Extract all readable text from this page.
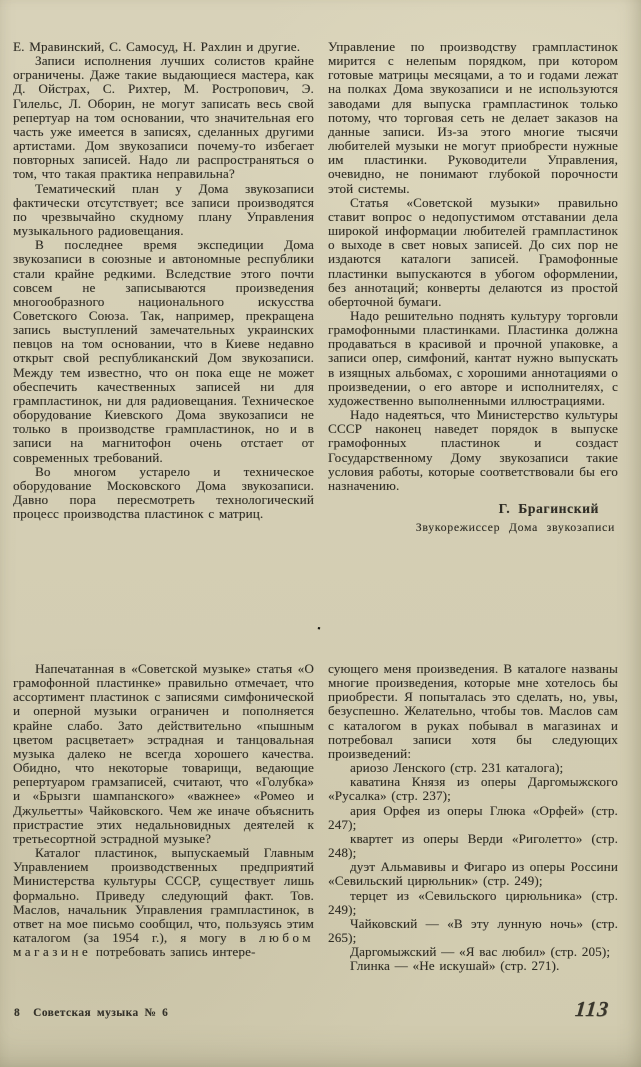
Е. Мравинский, С. Самосуд, Н. Рахлин и другие.

Записи исполнения лучших солистов крайне ограничены. Даже такие выдающиеся мастера, как Д. Ойстрах, С. Рихтер, М. Ростропович, Э. Гилельс, Л. Оборин, не могут записать весь свой репертуар на том основании, что значительная его часть уже имеется в записях, сделанных другими артистами. Дом звукозаписи почему-то избегает повторных записей. Надо ли распространяться о том, что такая практика неправильна?

Тематический план у Дома звукозаписи фактически отсутствует; все записи производятся по чрезвычайно скудному плану Управления музыкального радиовещания.

В последнее время экспедиции Дома звукозаписи в союзные и автономные республики стали крайне редкими. Вследствие этого почти совсем не записываются произведения многообразного национального искусства Советского Союза. Так, например, прекращена запись выступлений замечательных украинских певцов на том основании, что в Киеве недавно открыт свой республиканский Дом звукозаписи. Между тем известно, что он пока еще не может обеспечить качественных записей ни для грампластинок, ни для радиовещания. Техническое оборудование Киевского Дома звукозаписи не только в производстве грампластинок, но и в записи на магнитофон очень отстает от современных требований.

Во многом устарело и техническое оборудование Московского Дома звукозаписи. Давно пора пересмотреть технологический процесс производства пластинок с матриц.

Управление по производству грампластинок мирится с нелепым порядком, при котором готовые матрицы месяцами, а то и годами лежат на полках Дома звукозаписи и не используются заводами для выпуска грампластинок только потому, что торговая сеть не делает заказов на данные записи. Из-за этого многие тысячи любителей музыки не могут приобрести нужные им пластинки. Руководители Управления, очевидно, не понимают глубокой порочности этой системы.

Статья «Советской музыки» правильно ставит вопрос о недопустимом отставании дела широкой информации любителей грампластинок о выходе в свет новых записей. До сих пор не издаются каталоги записей. Грамофонные пластинки выпускаются в убогом оформлении, без аннотаций; конверты делаются из простой оберточной бумаги.

Надо решительно поднять культуру торговли грамофонными пластинками. Пластинка должна продаваться в красивой и прочной упаковке, а записи опер, симфоний, кантат нужно выпускать в изящных альбомах, с хорошими аннотациями о произведении, о его авторе и исполнителях, с художественно выполненными иллюстрациями.

Надо надеяться, что Министерство культуры СССР наконец наведет порядок в выпуске грамофонных пластинок и создаст Государственному Дому звукозаписи такие условия работы, которые соответствовали бы его назначению.

Г. Брагинский
Звукорежиссер Дома звукозаписи
▪

Напечатанная в «Советской музыке» статья «О грамофонной пластинке» правильно отмечает, что ассортимент пластинок с записями симфонической и оперной музыки ограничен и пополняется крайне слабо. Зато действительно «пышным цветом расцветает» эстрадная и танцовальная музыка далеко не всегда хорошего качества. Обидно, что некоторые товарищи, ведающие репертуаром грамзаписей, считают, что «Голубка» и «Брызги шампанского» «важнее» «Ромео и Джульетты» Чайковского. Чем же иначе объяснить пристрастие этих недальновидных деятелей к третьесортной эстрадной музыке?

Каталог пластинок, выпускаемый Главным Управлением производственных предприятий Министерства культуры СССР, существует лишь формально. Приведу следующий факт. Тов. Маслов, начальник Управления грампластинок, в ответ на мое письмо сообщил, что, пользуясь этим каталогом (за 1954 г.), я могу в любом магазине потребовать запись интере-

сующего меня произведения. В каталоге названы многие произведения, которые мне хотелось бы приобрести. Я попыталась это сделать, но, увы, безуспешно. Желательно, чтобы тов. Маслов сам с каталогом в руках побывал в магазинах и потребовал записи хотя бы следующих произведений:

ариозо Ленского (стр. 231 каталога);

каватина Князя из оперы Даргомыжского «Русалка» (стр. 237);

ария Орфея из оперы Глюка «Орфей» (стр. 247);

квартет из оперы Верди «Риголетто» (стр. 248);

дуэт Альмавивы и Фигаро из оперы Россини «Севильский цирюльник» (стр. 249);

терцет из «Севильского цирюльника» (стр. 249);

Чайковский — «В эту лунную ночь» (стр. 265);

Даргомыжский — «Я вас любил» (стр. 205);

Глинка — «Не искушай» (стр. 271).

8 Советская музыка № 6	113
